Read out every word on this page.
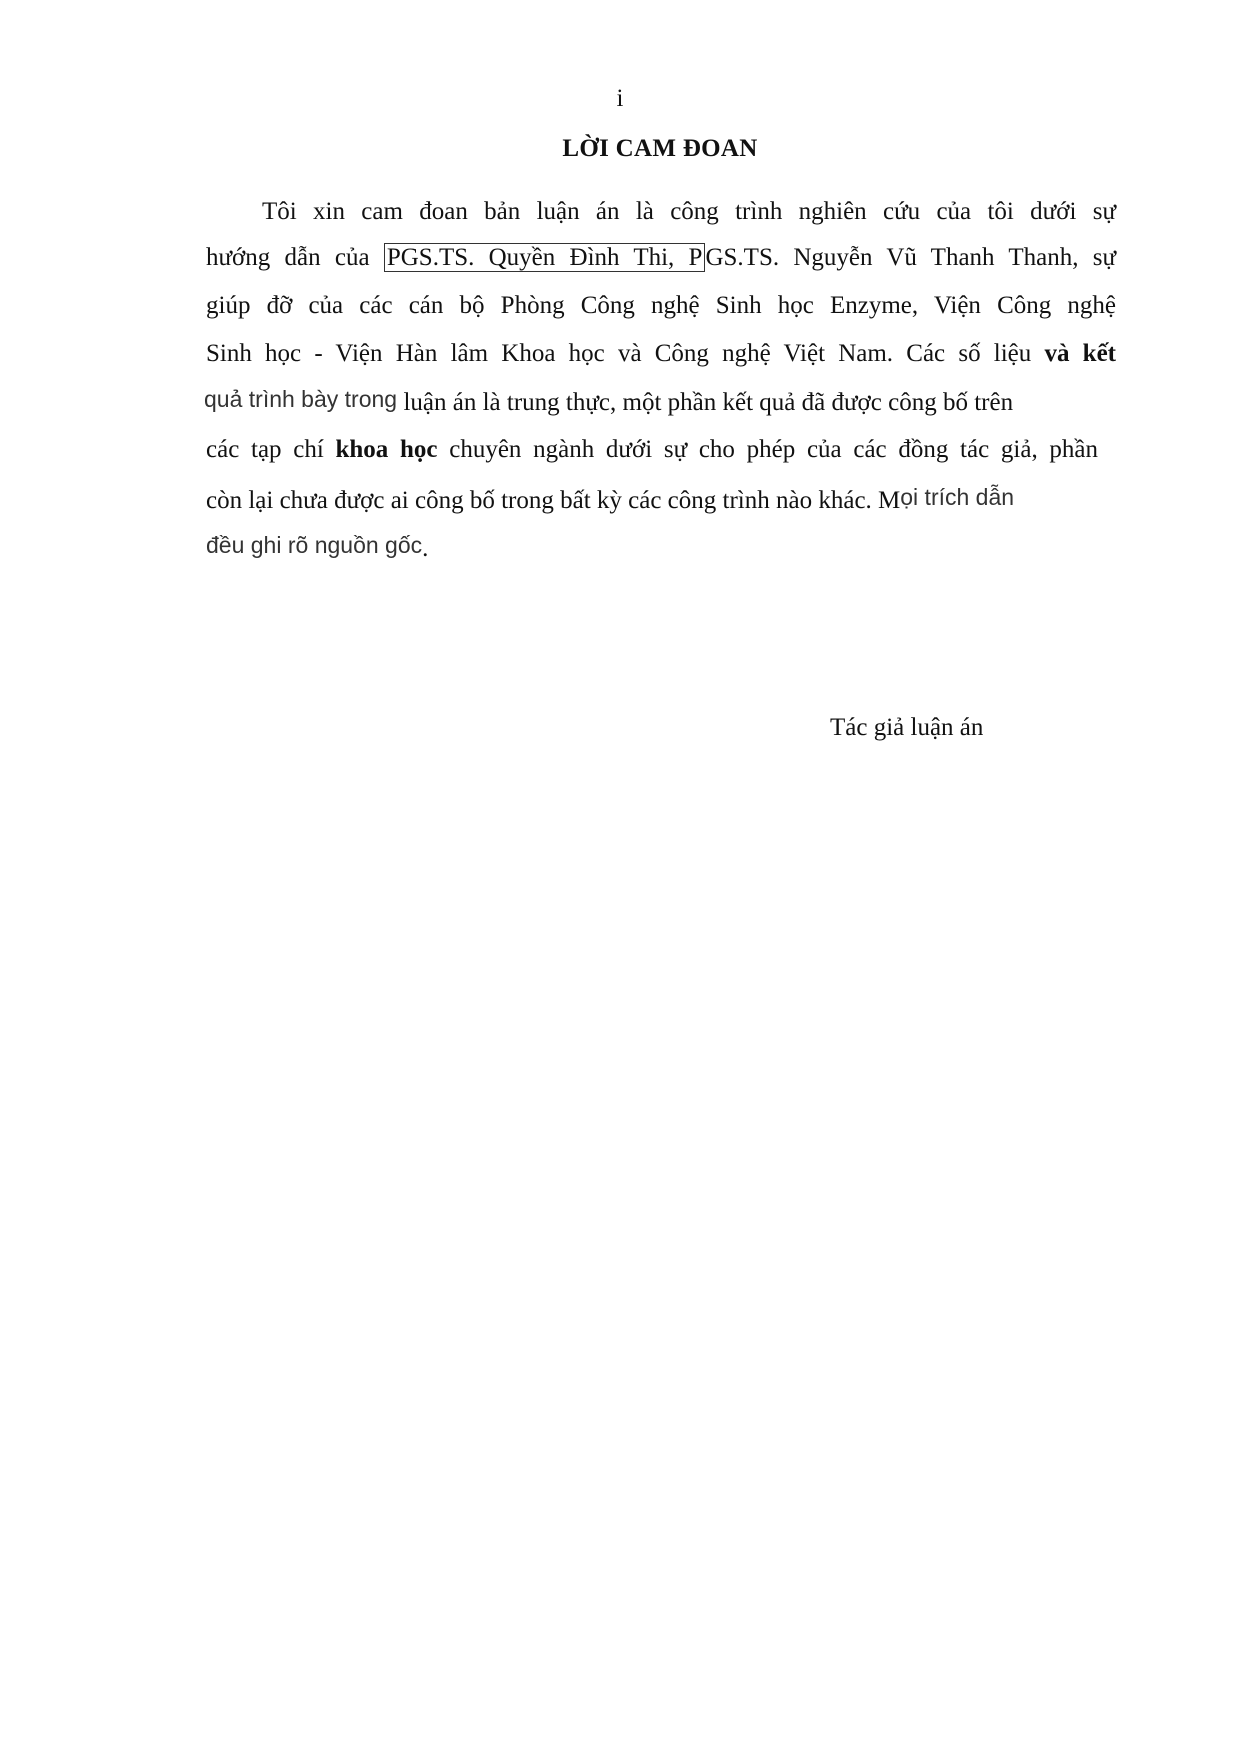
i
LỜI CAM ĐOAN
Tôi xin cam đoan bản luận án là công trình nghiên cứu của tôi dưới sự
hướng dẫn của PGS.TS. Quyền Đình Thi, P GS.TS. Nguyễn Vũ Thanh Thanh, sự
giúp đỡ của các cán bộ Phòng Công nghệ Sinh học Enzyme, Viện Công nghệ
Sinh học - Viện Hàn lâm Khoa học và Công nghệ Việt Nam. Các số liệu và kết
quả trình bày trong luận án là trung thực, một phần kết quả đã được công bố trên
các tạp chí khoa học chuyên ngành dưới sự cho phép của các đồng tác giả, phần
còn lại chưa được ai công bố trong bất kỳ các công trình nào khác. Mọi trích dẫn
đều ghi rõ nguồn gốc.
Tác giả luận án
